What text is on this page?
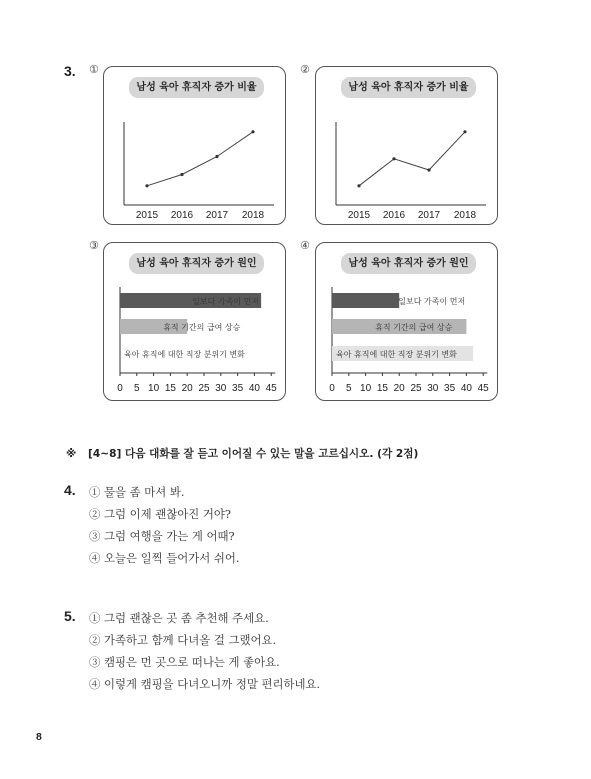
3. ①
남성 육아 휴직자 증가 비율
2015 2016 2017 2018
②
남성 육아 휴직자 증가 비율
2015 2016 2017 2018
③
남성 육아 휴직자 증가 원인
일보다 가족이 먼저
휴직 기간의 급여 상승
육아 휴직에 대한 직장 분위기 변화
0 5 10 15 20 25 30 35 40 45
④
남성 육아 휴직자 증가 원인
일보다 가족이 먼저
휴직 기간의 급여 상승
육아 휴직에 대한 직장 분위기 변화
0 5 10 15 20 25 30 35 40 45
※ [4~8] 다음 대화를 잘 듣고 이어질 수 있는 말을 고르십시오. (각 2점)
4. ① 물을 좀 마셔 봐.
② 그럼 이제 괜찮아진 거야?
③ 그럼 여행을 가는 게 어때?
④ 오늘은 일찍 들어가서 쉬어.
5. ① 그럼 괜찮은 곳 좀 추천해 주세요.
② 가족하고 함께 다녀올 걸 그랬어요.
③ 캠핑은 먼 곳으로 떠나는 게 좋아요.
④ 이렇게 캠핑을 다녀오니까 정말 편리하네요.
8
